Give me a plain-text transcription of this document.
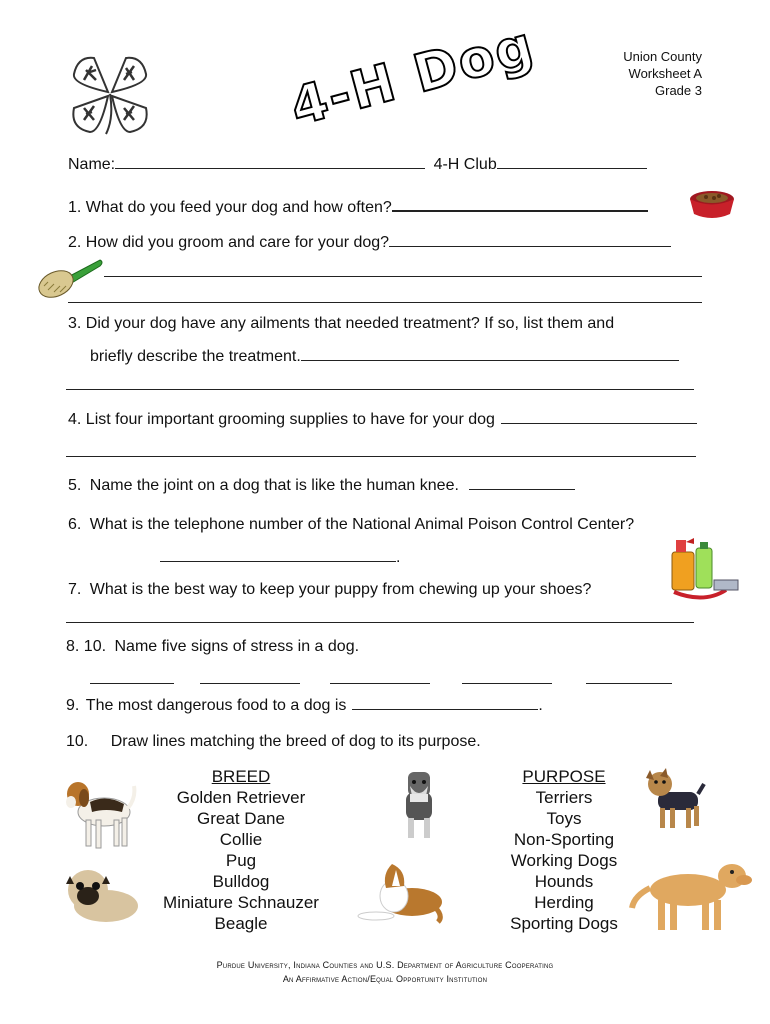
4-H Dog	Union County
Worksheet A
Grade 3
Name:	4-H Club
1. What do you feed your dog and how often?
2. How did you groom and care for your dog?
3. Did your dog have any ailments that needed treatment? If so, list them and
briefly describe the treatment.
4. List four important grooming supplies to have for your dog
5. Name the joint on a dog that is like the human knee.
6. What is the telephone number of the National Animal Poison Control Center?
.
7. What is the best way to keep your puppy from chewing up your shoes?
8. 10. Name five signs of stress in a dog.
9. The most dangerous food to a dog is	.
10. Draw lines matching the breed of dog to its purpose.
BREED
Golden Retriever
Great Dane
Collie
Pug
Bulldog
Miniature Schnauzer
Beagle
PURPOSE
Terriers
Toys
Non-Sporting
Working Dogs
Hounds
Herding
Sporting Dogs
Purdue University, Indiana Counties and U.S. Department of Agriculture Cooperating
An Affirmative Action/Equal Opportunity Institution
